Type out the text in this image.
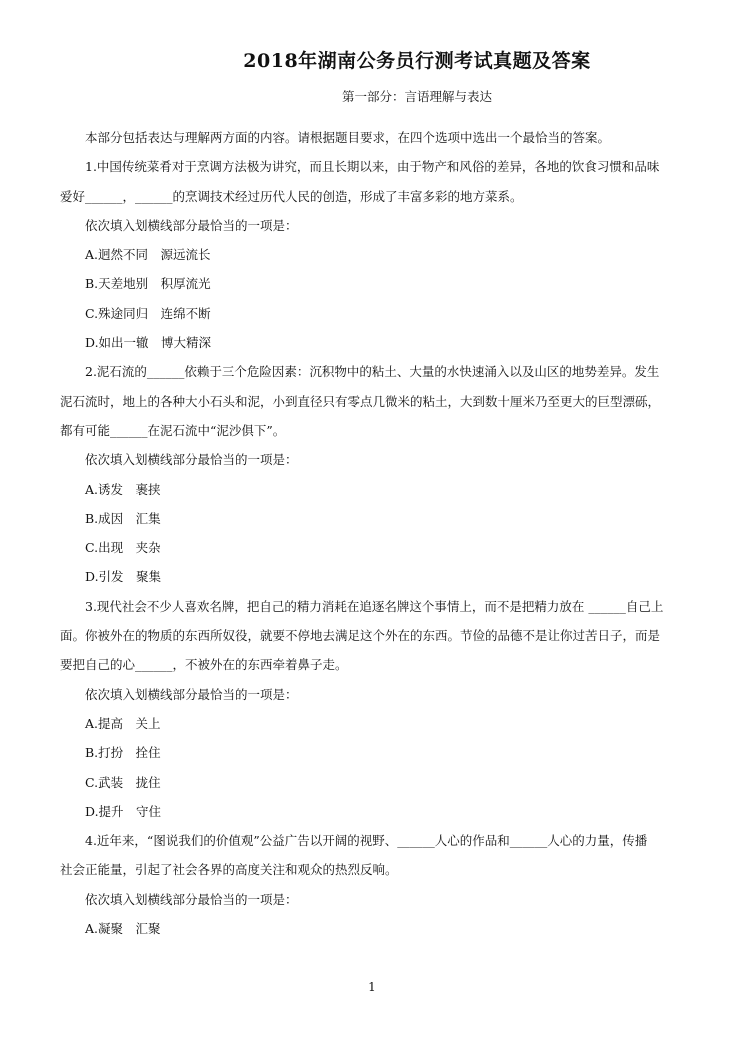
2018年湖南公务员行测考试真题及答案
第一部分：言语理解与表达
本部分包括表达与理解两方面的内容。请根据题目要求，在四个选项中选出一个最恰当的答案。
1.中国传统菜肴对于烹调方法极为讲究，而且长期以来，由于物产和风俗的差异，各地的饮食习惯和品味
爱好______，______的烹调技术经过历代人民的创造，形成了丰富多彩的地方菜系。
依次填入划横线部分最恰当的一项是：
A.迥然不同　源远流长
B.天差地别　积厚流光
C.殊途同归　连绵不断
D.如出一辙　博大精深
2.泥石流的______依赖于三个危险因素：沉积物中的粘土、大量的水快速涌入以及山区的地势差异。发生
泥石流时，地上的各种大小石头和泥，小到直径只有零点几微米的粘土，大到数十厘米乃至更大的巨型漂砾，
都有可能______在泥石流中“泥沙俱下”。
依次填入划横线部分最恰当的一项是：
A.诱发　裹挟
B.成因　汇集
C.出现　夹杂
D.引发　聚集
3.现代社会不少人喜欢名牌，把自己的精力消耗在追逐名牌这个事情上，而不是把精力放在 ______自己上
面。你被外在的物质的东西所奴役，就要不停地去满足这个外在的东西。节俭的品德不是让你过苦日子，而是
要把自己的心______，不被外在的东西牵着鼻子走。
依次填入划横线部分最恰当的一项是：
A.提高　关上
B.打扮　拴住
C.武装　拢住
D.提升　守住
4.近年来，“图说我们的价值观”公益广告以开阔的视野、______人心的作品和______人心的力量，传播
社会正能量，引起了社会各界的高度关注和观众的热烈反响。
依次填入划横线部分最恰当的一项是：
A.凝聚　汇聚
1
